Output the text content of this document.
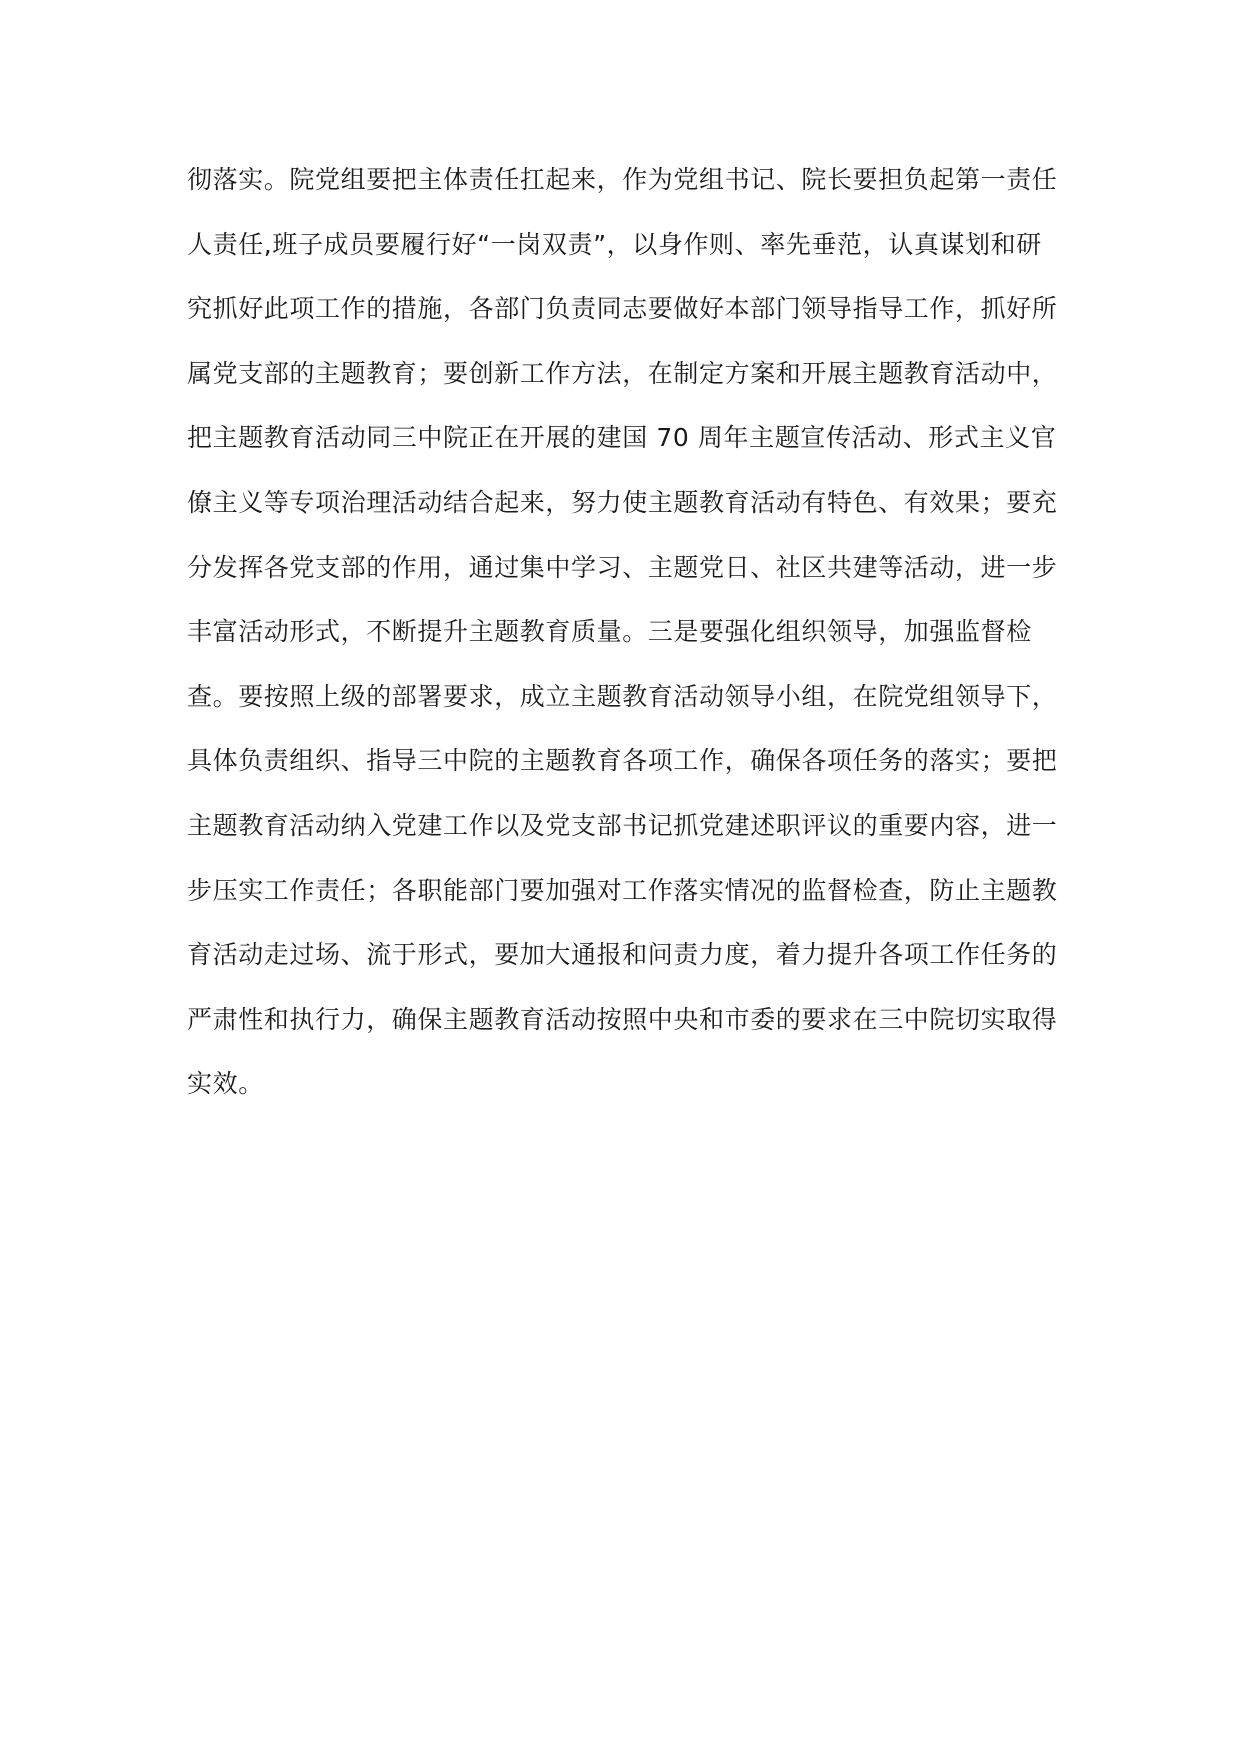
彻落实。院党组要把主体责任扛起来，作为党组书记、院长要担负起第一责任
人责任,班子成员要履行好“一岗双责”，以身作则、率先垂范，认真谋划和研
究抓好此项工作的措施，各部门负责同志要做好本部门领导指导工作，抓好所
属党支部的主题教育；要创新工作方法，在制定方案和开展主题教育活动中，
把主题教育活动同三中院正在开展的建国 70 周年主题宣传活动、形式主义官
僚主义等专项治理活动结合起来，努力使主题教育活动有特色、有效果；要充
分发挥各党支部的作用，通过集中学习、主题党日、社区共建等活动，进一步
丰富活动形式，不断提升主题教育质量。三是要强化组织领导，加强监督检
查。要按照上级的部署要求，成立主题教育活动领导小组，在院党组领导下，
具体负责组织、指导三中院的主题教育各项工作，确保各项任务的落实；要把
主题教育活动纳入党建工作以及党支部书记抓党建述职评议的重要内容，进一
步压实工作责任；各职能部门要加强对工作落实情况的监督检查，防止主题教
育活动走过场、流于形式，要加大通报和问责力度，着力提升各项工作任务的
严肃性和执行力，确保主题教育活动按照中央和市委的要求在三中院切实取得
实效。
